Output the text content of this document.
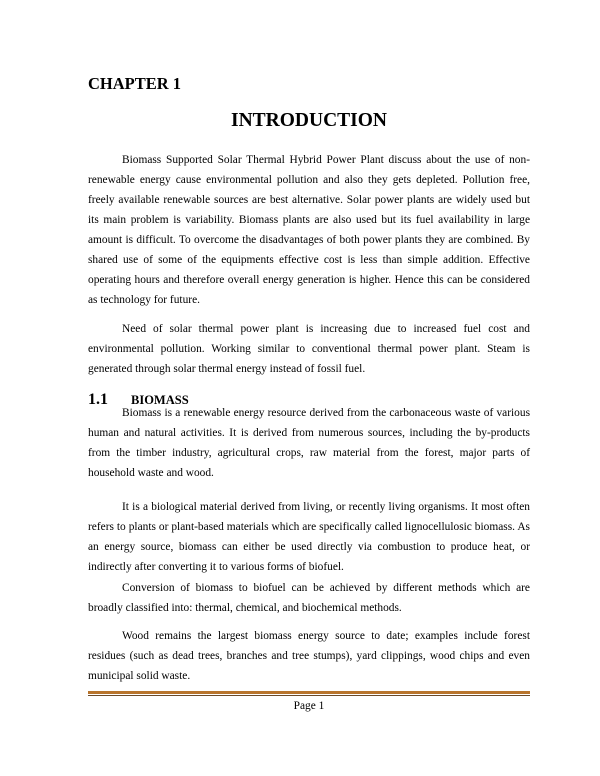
CHAPTER 1
INTRODUCTION

Biomass Supported Solar Thermal Hybrid Power Plant discuss about the use of non-renewable energy cause environmental pollution and also they gets depleted. Pollution free, freely available renewable sources are best alternative. Solar power plants are widely used but its main problem is variability. Biomass plants are also used but its fuel availability in large amount is difficult. To overcome the disadvantages of both power plants they are combined. By shared use of some of the equipments effective cost is less than simple addition. Effective operating hours and therefore overall energy generation is higher. Hence this can be considered as technology for future.

Need of solar thermal power plant is increasing due to increased fuel cost and environmental pollution. Working similar to conventional thermal power plant. Steam is generated through solar thermal energy instead of fossil fuel.

1.1 BIOMASS

Biomass is a renewable energy resource derived from the carbonaceous waste of various human and natural activities. It is derived from numerous sources, including the by-products from the timber industry, agricultural crops, raw material from the forest, major parts of household waste and wood.

It is a biological material derived from living, or recently living organisms. It most often refers to plants or plant-based materials which are specifically called lignocellulosic biomass. As an energy source, biomass can either be used directly via combustion to produce heat, or indirectly after converting it to various forms of biofuel.

Conversion of biomass to biofuel can be achieved by different methods which are broadly classified into: thermal, chemical, and biochemical methods.

Wood remains the largest biomass energy source to date; examples include forest residues (such as dead trees, branches and tree stumps), yard clippings, wood chips and even municipal solid waste.

Page 1
